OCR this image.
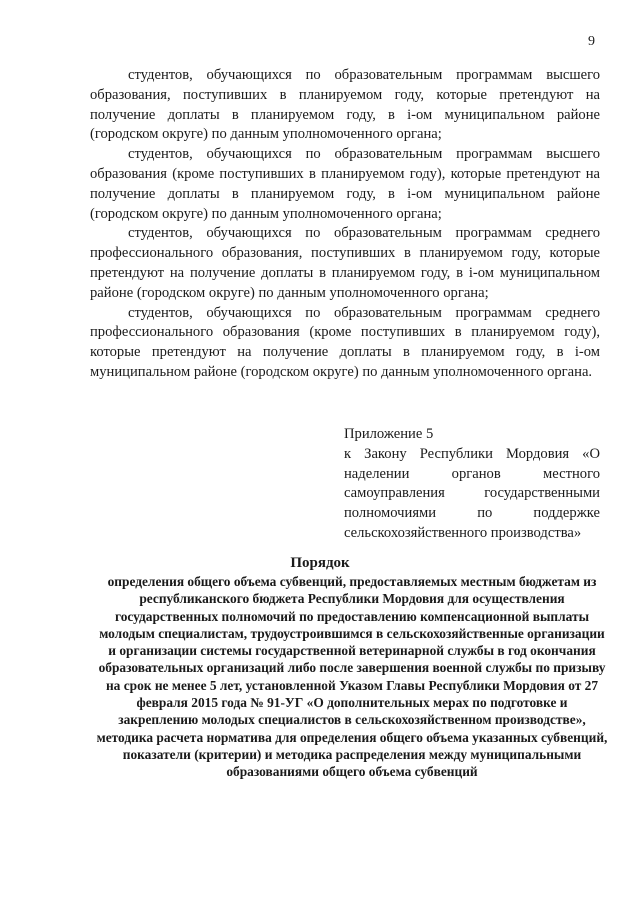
9

студентов, обучающихся по образовательным программам высшего образования, поступивших в планируемом году, которые претендуют на получение доплаты в планируемом году, в i-ом муниципальном районе (городском округе) по данным уполномоченного органа;

студентов, обучающихся по образовательным программам высшего образования (кроме поступивших в планируемом году), которые претендуют на получение доплаты в планируемом году, в i-ом муниципальном районе (городском округе) по данным уполномоченного органа;

студентов, обучающихся по образовательным программам среднего профессионального образования, поступивших в планируемом году, которые претендуют на получение доплаты в планируемом году, в i-ом муниципальном районе (городском округе) по данным уполномоченного органа;

студентов, обучающихся по образовательным программам среднего профессионального образования (кроме поступивших в планируемом году), которые претендуют на получение доплаты в планируемом году, в i-ом муниципальном районе (городском округе) по данным уполномоченного органа.

Приложение 5
к Закону Республики Мордовия «О наделении органов местного самоуправления государственными полномочиями по поддержке сельскохозяйственного производства»
Порядок
определения общего объема субвенций, предоставляемых местным бюджетам из республиканского бюджета Республики Мордовия для осуществления государственных полномочий по предоставлению компенсационной выплаты молодым специалистам, трудоустроившимся в сельскохозяйственные организации и организации системы государственной ветеринарной службы в год окончания образовательных организаций либо после завершения военной службы по призыву на срок не менее 5 лет, установленной Указом Главы Республики Мордовия от 27 февраля 2015 года № 91-УГ «О дополнительных мерах по подготовке и закреплению молодых специалистов в сельскохозяйственном производстве», методика расчета норматива для определения общего объема указанных субвенций, показатели (критерии) и методика распределения между муниципальными образованиями общего объема субвенций
